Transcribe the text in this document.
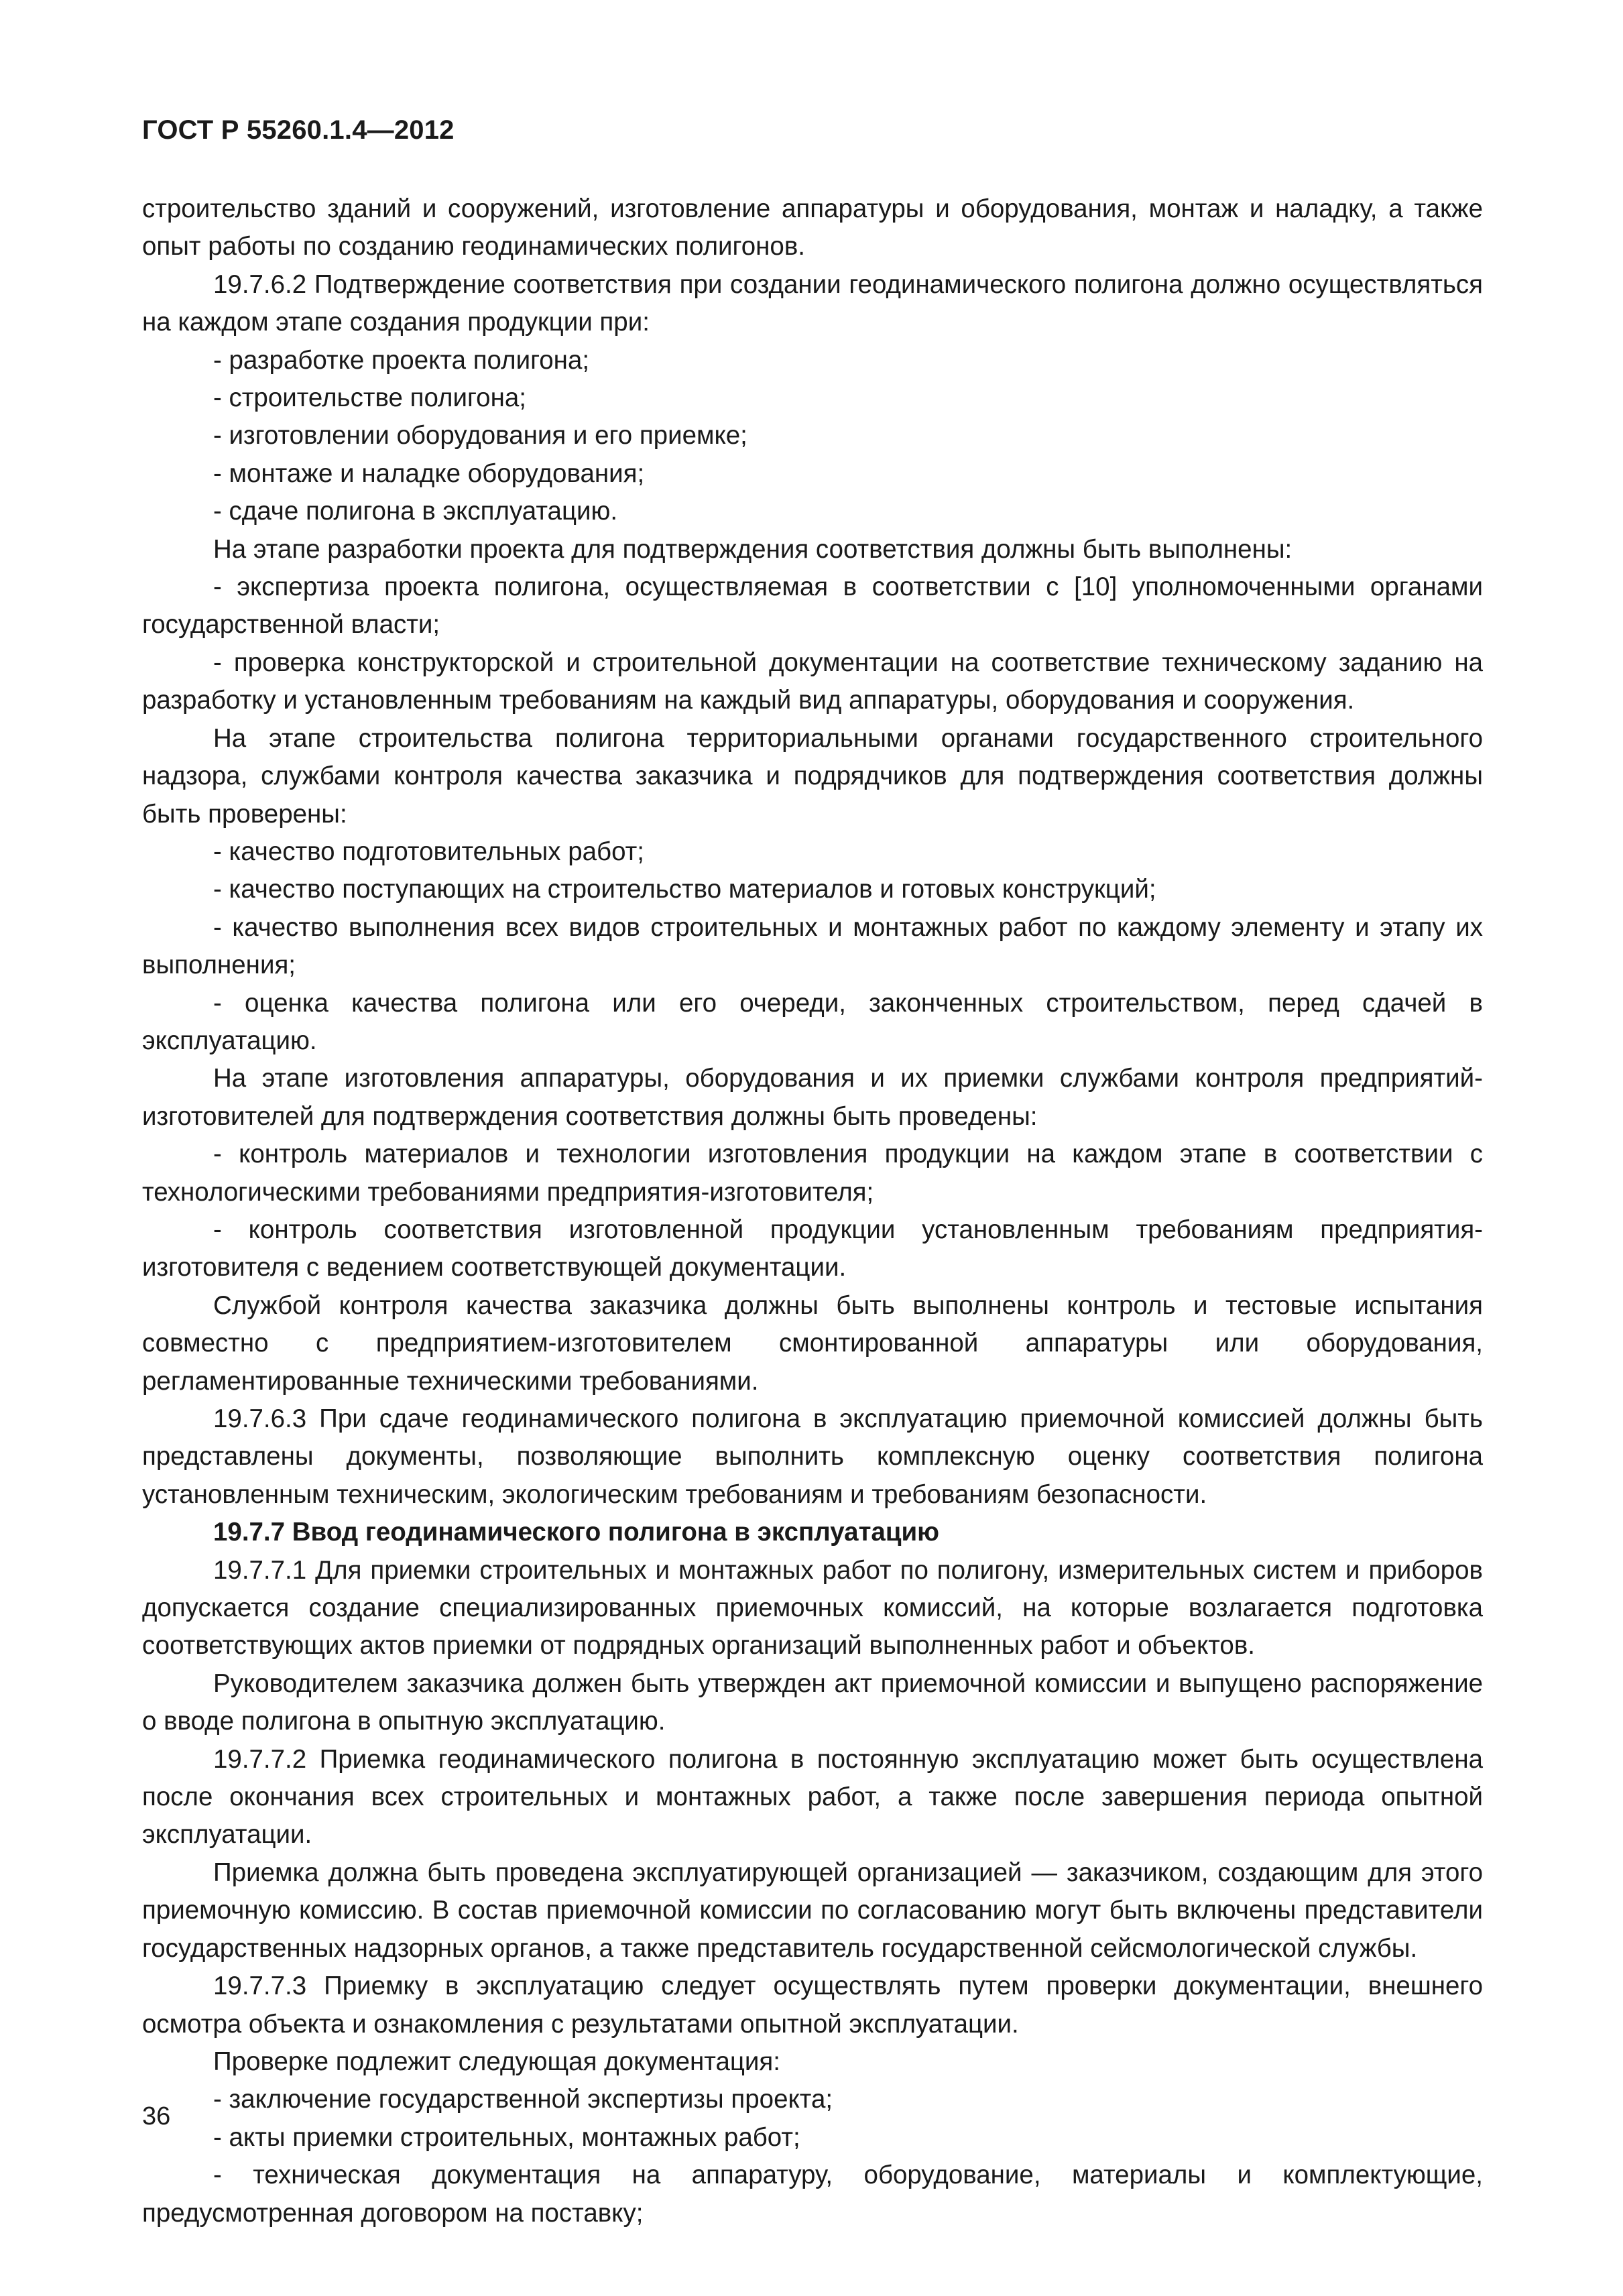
ГОСТ Р 55260.1.4—2012

строительство зданий и сооружений, изготовление аппаратуры и оборудования, монтаж и наладку, а также опыт работы по созданию геодинамических полигонов.

19.7.6.2 Подтверждение соответствия при создании геодинамического полигона должно осуществляться на каждом этапе создания продукции при:

- разработке проекта полигона;

- строительстве полигона;

- изготовлении оборудования и его приемке;

- монтаже и наладке оборудования;

- сдаче полигона в эксплуатацию.

На этапе разработки проекта для подтверждения соответствия должны быть выполнены:

- экспертиза проекта полигона, осуществляемая в соответствии с [10] уполномоченными органами государственной власти;

- проверка конструкторской и строительной документации на соответствие техническому заданию на разработку и установленным требованиям на каждый вид аппаратуры, оборудования и сооружения.

На этапе строительства полигона территориальными органами государственного строительного надзора, службами контроля качества заказчика и подрядчиков для подтверждения соответствия должны быть проверены:

- качество подготовительных работ;

- качество поступающих на строительство материалов и готовых конструкций;

- качество выполнения всех видов строительных и монтажных работ по каждому элементу и этапу их выполнения;

- оценка качества полигона или его очереди, законченных строительством, перед сдачей в эксплуатацию.

На этапе изготовления аппаратуры, оборудования и их приемки службами контроля предприятий-изготовителей для подтверждения соответствия должны быть проведены:

- контроль материалов и технологии изготовления продукции на каждом этапе в соответствии с технологическими требованиями предприятия-изготовителя;

- контроль соответствия изготовленной продукции установленным требованиям предприятия-изготовителя с ведением соответствующей документации.

Службой контроля качества заказчика должны быть выполнены контроль и тестовые испытания совместно с предприятием-изготовителем смонтированной аппаратуры или оборудования, регламентированные техническими требованиями.

19.7.6.3 При сдаче геодинамического полигона в эксплуатацию приемочной комиссией должны быть представлены документы, позволяющие выполнить комплексную оценку соответствия полигона установленным техническим, экологическим требованиям и требованиям безопасности.

19.7.7 Ввод геодинамического полигона в эксплуатацию

19.7.7.1 Для приемки строительных и монтажных работ по полигону, измерительных систем и приборов допускается создание специализированных приемочных комиссий, на которые возлагается подготовка соответствующих актов приемки от подрядных организаций выполненных работ и объектов.

Руководителем заказчика должен быть утвержден акт приемочной комиссии и выпущено распоряжение о вводе полигона в опытную эксплуатацию.

19.7.7.2 Приемка геодинамического полигона в постоянную эксплуатацию может быть осуществлена после окончания всех строительных и монтажных работ, а также после завершения периода опытной эксплуатации.

Приемка должна быть проведена эксплуатирующей организацией — заказчиком, создающим для этого приемочную комиссию. В состав приемочной комиссии по согласованию могут быть включены представители государственных надзорных органов, а также представитель государственной сейсмологической службы.

19.7.7.3 Приемку в эксплуатацию следует осуществлять путем проверки документации, внешнего осмотра объекта и ознакомления с результатами опытной эксплуатации.

Проверке подлежит следующая документация:

- заключение государственной экспертизы проекта;

- акты приемки строительных, монтажных работ;

- техническая документация на аппаратуру, оборудование, материалы и комплектующие, предусмотренная договором на поставку;

36
